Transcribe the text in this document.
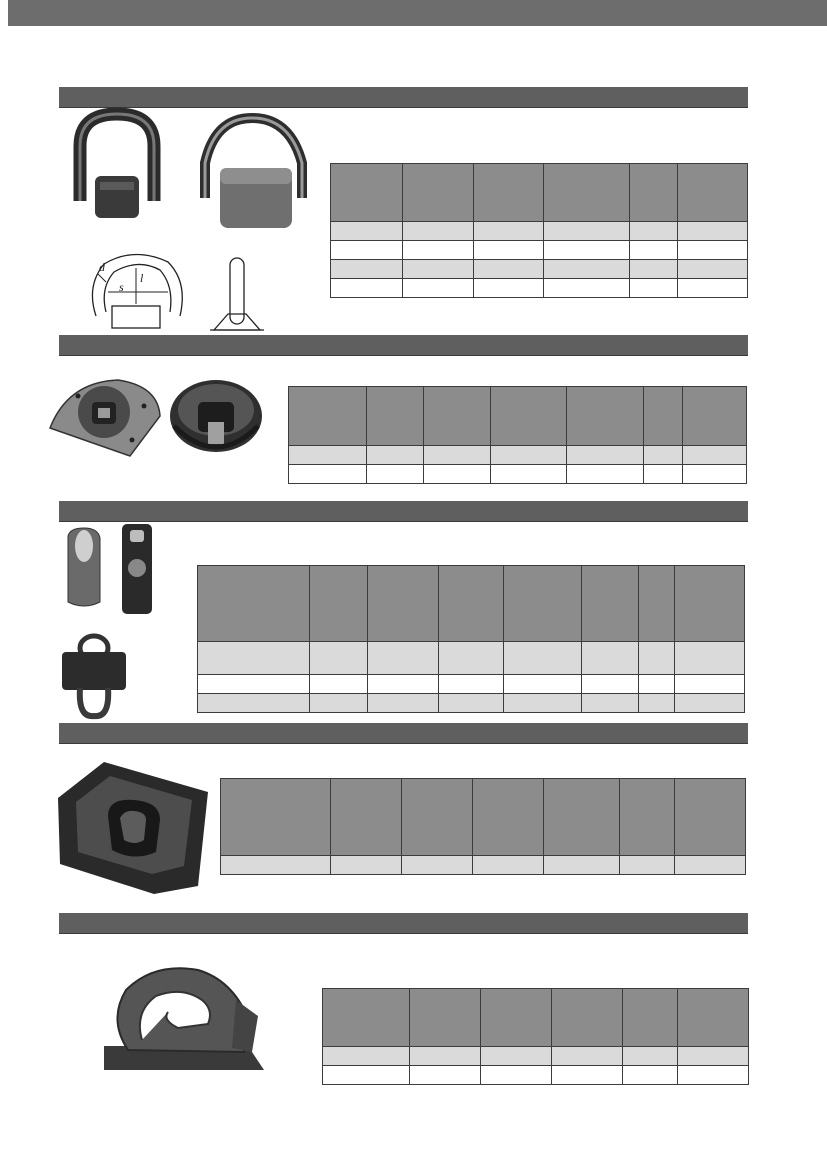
d
s
l
